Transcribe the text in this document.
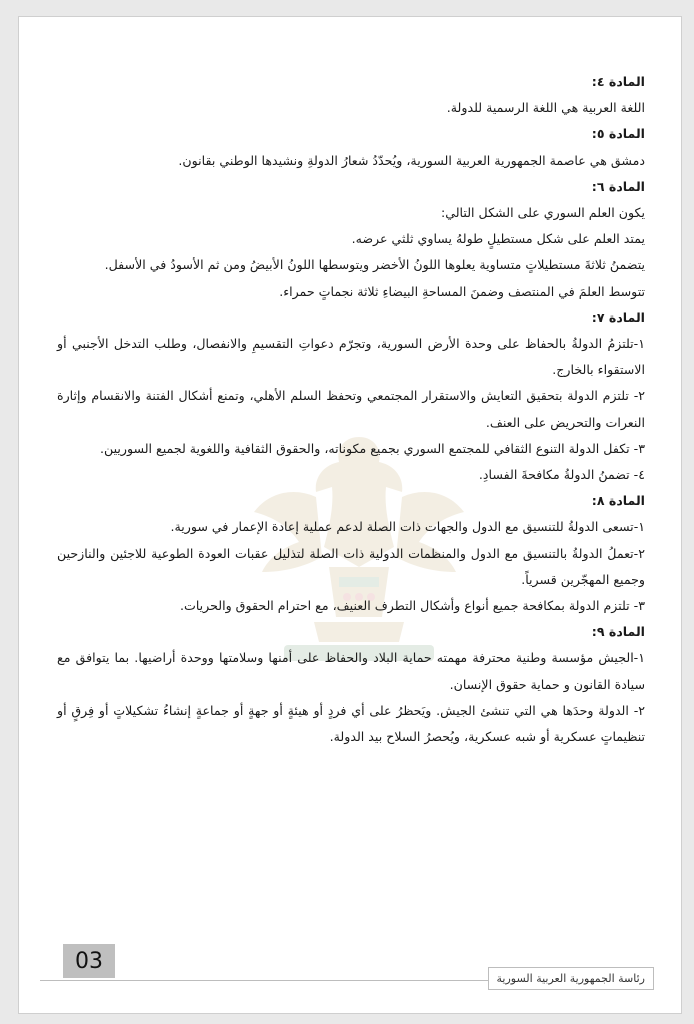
المادة ٤:

اللغة العربية هي اللغة الرسمية للدولة.

المادة ٥:

دمشق هي عاصمة الجمهورية العربية السورية، ويُحدّدُ شعارُ الدولةِ ونشيدها الوطني بقانون.

المادة ٦:

يكون العلم السوري على الشكل التالي:

يمتد العلم على شكل مستطيلٍ طولهُ يساوي ثلثي عرضه.

يتضمنُ ثلاثةَ مستطيلاتٍ متساوية يعلوها اللونُ الأخضر ويتوسطها اللونُ الأبيضُ ومن ثم الأسودُ في الأسفل.

تتوسط العلمَ في المنتصف وضمنَ المساحةِ البيضاءِ ثلاثة نجماتٍ حمراء.

المادة ٧:

١-تلتزمُ الدولةُ بالحفاظ على وحدة الأرض السورية، وتجرّم دعواتِ التقسيمِ والانفصال، وطلب التدخل الأجنبي أو الاستقواء بالخارج.

٢- تلتزم الدولة بتحقيق التعايش والاستقرار المجتمعي وتحفظ السلم الأهلي، وتمنع أشكال الفتنة والانقسام وإثارة النعرات والتحريض على العنف.

٣- تكفل الدولة التنوع الثقافي للمجتمع السوري بجميع مكوناته، والحقوق الثقافية واللغوية لجميع السوريين.

٤- تضمنُ الدولةُ مكافحةَ الفسادِ.

المادة ٨:

١-تسعى الدولةُ للتنسيق مع الدول والجهات ذات الصلة لدعم عملية إعادة الإعمار في سورية.

٢-تعملُ الدولةُ بالتنسيق مع الدول والمنظمات الدولية ذات الصلة لتذليل عقبات العودة الطوعية للاجئين والنازحين وجميع المهجّرين قسرياً.

٣- تلتزم الدولة بمكافحة جميع أنواع وأشكال التطرف العنيف، مع احترام الحقوق والحريات.

المادة ٩:

١-الجيش مؤسسة وطنية محترفة مهمته حماية البلاد والحفاظ على أمنها وسلامتها ووحدة أراضيها. بما يتوافق مع سيادة القانون و حماية حقوق الإنسان.

٢- الدولة وحدَها هي التي تنشئ الجيش. ويَحظرُ على أي فردٍ أو هيئةٍ أو جهةٍ أو جماعةٍ إنشاءُ تشكيلاتٍ أو فِرقٍ أو تنظيماتٍ عسكرية أو شبه عسكرية، ويُحصرُ السلاح بيد الدولة.

03
رئاسة الجمهورية العربية السورية
